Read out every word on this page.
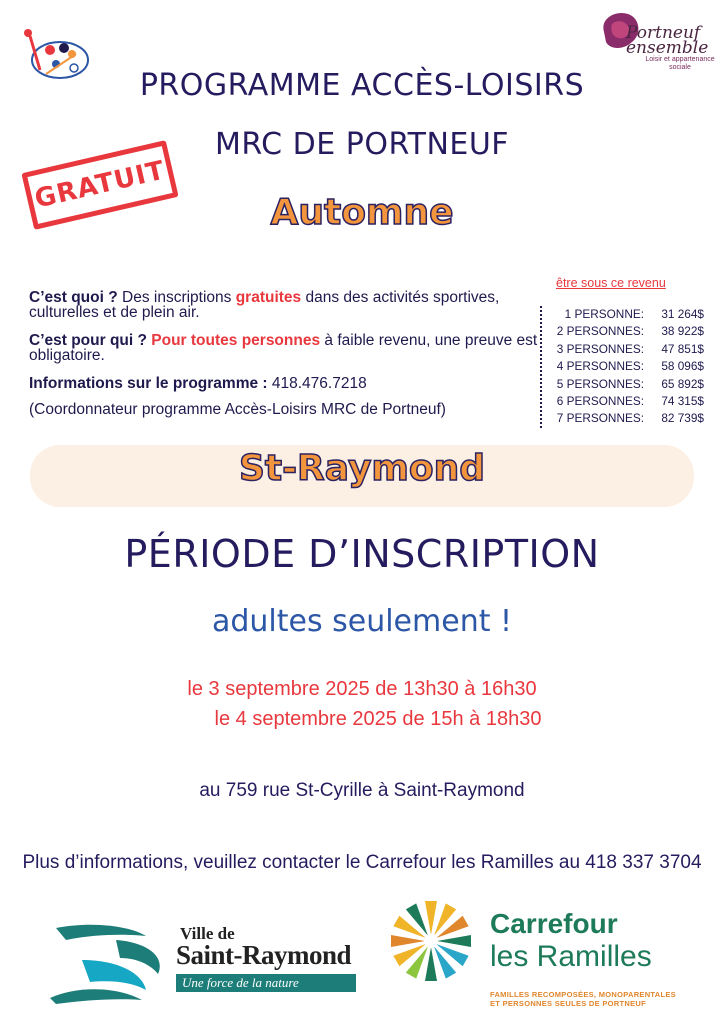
Portneuf
ensemble
Loisir et appartenance
sociale
PROGRAMME ACCÈS-LOISIRS
MRC DE PORTNEUF
GRATUIT	Automne

C’est quoi ? Des inscriptions gratuites dans des activités sportives, culturelles et de plein air.

C’est pour qui ? Pour toutes personnes à faible revenu, une preuve est obligatoire.

Informations sur le programme : 418.476.7218

(Coordonnateur programme Accès-Loisirs MRC de Portneuf)

être sous ce revenu
1 PERSONNE:	31 264$
2 PERSONNES:	38 922$
3 PERSONNES:	47 851$
4 PERSONNES:	58 096$
5 PERSONNES:	65 892$
6 PERSONNES:	74 315$
7 PERSONNES:	82 739$
St-Raymond
PÉRIODE D’INSCRIPTION
adultes seulement !
le 3 septembre 2025 de 13h30 à 16h30
le 4 septembre 2025 de 15h à 18h30
au 759 rue St-Cyrille à Saint-Raymond
Plus d’informations, veuillez contacter le Carrefour les Ramilles au 418 337 3704
Ville de
Saint-Raymond
Une force de la nature
Carrefour
les Ramilles
FAMILLES RECOMPOSÉES, MONOPARENTALES
ET PERSONNES SEULES DE PORTNEUF
